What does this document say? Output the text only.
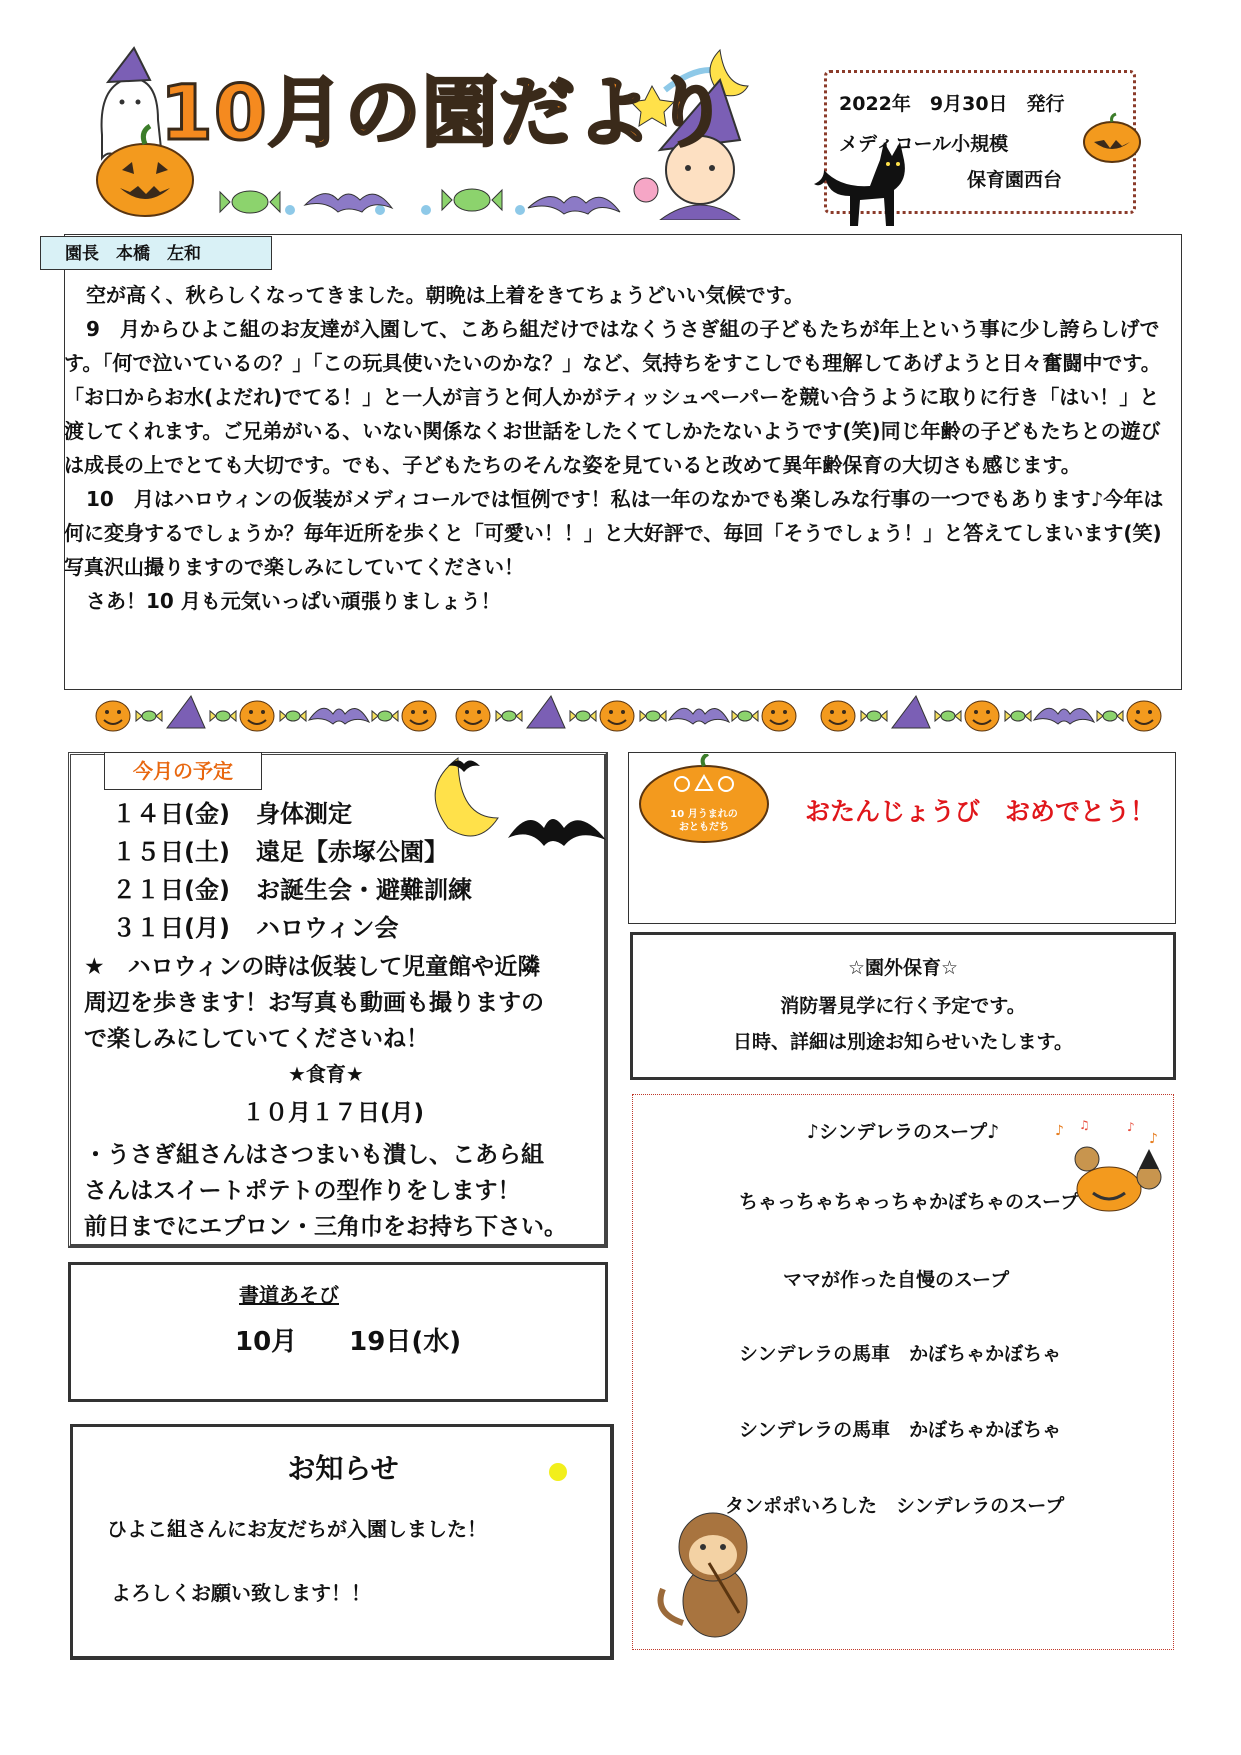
10月の園だより	2022年　9月30日　発行
メディコール小規模
保育園西台
園長　本橋　左和

空が高く、秋らしくなってきました。朝晩は上着をきてちょうどいい気候です。

9　月からひよこ組のお友達が入園して、こあら組だけではなくうさぎ組の子どもたちが年上という事に少し誇らしげです。「何で泣いているの？」「この玩具使いたいのかな？」など、気持ちをすこしでも理解してあげようと日々奮闘中です。「お口からお水(よだれ)でてる！」と一人が言うと何人かがティッシュペーパーを競い合うように取りに行き「はい！」と渡してくれます。ご兄弟がいる、いない関係なくお世話をしたくてしかたないようです(笑)同じ年齢の子どもたちとの遊びは成長の上でとても大切です。でも、子どもたちのそんな姿を見ていると改めて異年齢保育の大切さも感じます。

10　月はハロウィンの仮装がメディコールでは恒例です！私は一年のなかでも楽しみな行事の一つでもあります♪今年は何に変身するでしょうか？毎年近所を歩くと「可愛い！！」と大好評で、毎回「そうでしょう！」と答えてしまいます(笑)写真沢山撮りますので楽しみにしていてください！

さあ！10 月も元気いっぱい頑張りましょう！

今月の予定
１４日(金) 身体測定
１５日(土) 遠足【赤塚公園】
２１日(金) お誕生会・避難訓練
３１日(月) ハロウィン会
★　ハロウィンの時は仮装して児童館や近隣
周辺を歩きます！お写真も動画も撮りますの
で楽しみにしていてくださいね！
★食育★
１０月１７日(月)
・うさぎ組さんはさつまいも潰し、こあら組
さんはスイートポテトの型作りをします！
前日までにエプロン・三角巾をお持ち下さい。
10 月うまれの
おともだち
おたんじょうび　おめでとう！
☆園外保育☆
消防署見学に行く予定です。
日時、詳細は別途お知らせいたします。
書道あそび
10月　　19日(水)
お知らせ
ひよこ組さんにお友だちが入園しました！
よろしくお願い致します！！
♪シンデレラのスープ♪
ちゃっちゃちゃっちゃかぼちゃのスープ
ママが作った自慢のスープ
シンデレラの馬車　かぼちゃかぼちゃ
シンデレラの馬車　かぼちゃかぼちゃ
タンポポいろした　シンデレラのスープ
♪ ♫	♪
♪
